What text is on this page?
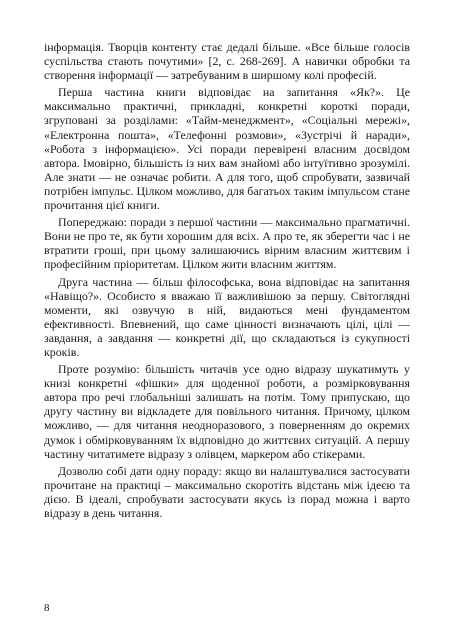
інформація. Творців контенту стає дедалі більше. «Все більше голосів суспільства стають почутими» [2, с. 268-269]. А навички обробки та створення інформації — затребуваним в ширшому колі професій.

Перша частина книги відповідає на запитання «Як?». Це максимально практичні, прикладні, конкретні короткі поради, згруповані за розділами: «Тайм-менеджмент», «Соціальні мережі», «Електронна пошта», «Телефонні розмови», «Зустрічі й наради», «Робота з інформацією». Усі поради перевірені власним досвідом автора. Імовірно, більшість із них вам знайомі або інтуїтивно зрозумілі. Але знати — не означає робити. А для того, щоб спробувати, зазвичай потрібен імпульс. Цілком можливо, для багатьох таким імпульсом стане прочитання цієї книги.

Попереджаю: поради з першої частини — максимально прагматичні. Вони не про те, як бути хорошим для всіх. А про те, як зберегти час і не втратити гроші, при цьому залишаючись вірним власним життєвим і професійним пріоритетам. Цілком жити власним життям.

Друга частина — більш філософська, вона відповідає на запитання «Навіщо?». Особисто я вважаю її важливішою за першу. Світоглядні моменти, які озвучую в ній, видаються мені фундаментом ефективності. Впевнений, що саме цінності визначають цілі, цілі — завдання, а завдання — конкретні дії, що складаються із сукупності кроків.

Проте розумію: більшість читачів усе одно відразу шукатимуть у книзі конкретні «фішки» для щоденної роботи, а розмірковування автора про речі глобальніші залишать на потім. Тому припускаю, що другу частину ви відкладете для повільного читання. Причому, цілком можливо, — для читання неодноразового, з поверненням до окремих думок і обмірковуванням їх відповідно до життєвих ситуацій. А першу частину читатимете відразу з олівцем, маркером або стікерами.

Дозволю собі дати одну пораду: якщо ви налаштувалися застосувати прочитане на практиці – максимально скоротіть відстань між ідеєю та дією. В ідеалі, спробувати застосувати якусь із порад можна і варто відразу в день читання.

8
